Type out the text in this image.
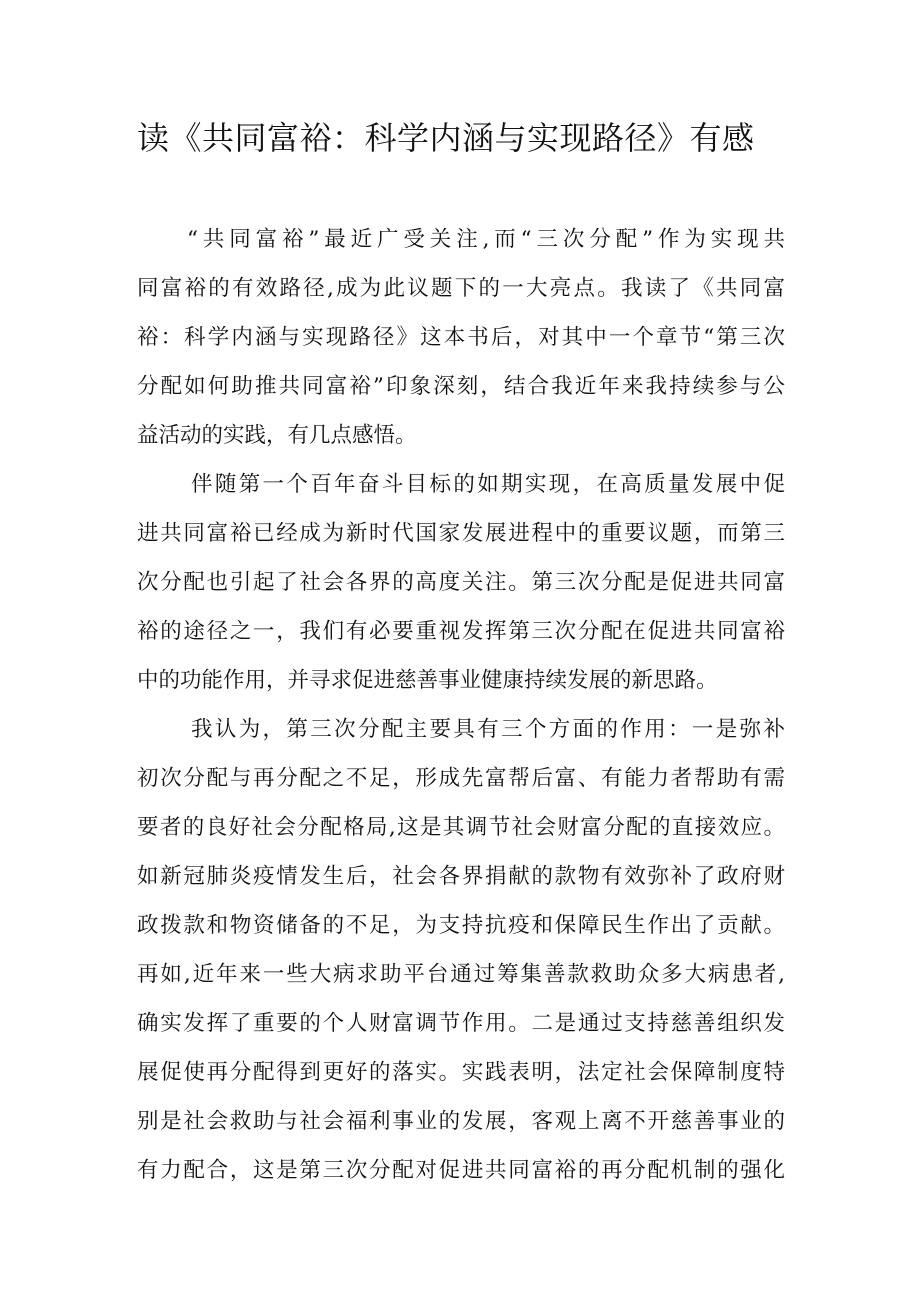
读《共同富裕：科学内涵与实现路径》有感
“共同富裕”最近广受关注,而“三次分配”作为实现共
同富裕的有效路径,成为此议题下的一大亮点。我读了《共同富
裕：科学内涵与实现路径》这本书后，对其中一个章节“第三次
分配如何助推共同富裕”印象深刻，结合我近年来我持续参与公
益活动的实践，有几点感悟。
伴随第一个百年奋斗目标的如期实现，在高质量发展中促
进共同富裕已经成为新时代国家发展进程中的重要议题，而第三
次分配也引起了社会各界的高度关注。第三次分配是促进共同富
裕的途径之一，我们有必要重视发挥第三次分配在促进共同富裕
中的功能作用，并寻求促进慈善事业健康持续发展的新思路。
我认为，第三次分配主要具有三个方面的作用：一是弥补
初次分配与再分配之不足，形成先富帮后富、有能力者帮助有需
要者的良好社会分配格局,这是其调节社会财富分配的直接效应。
如新冠肺炎疫情发生后，社会各界捐献的款物有效弥补了政府财
政拨款和物资储备的不足，为支持抗疫和保障民生作出了贡献。
再如,近年来一些大病求助平台通过筹集善款救助众多大病患者,
确实发挥了重要的个人财富调节作用。二是通过支持慈善组织发
展促使再分配得到更好的落实。实践表明，法定社会保障制度特
别是社会救助与社会福利事业的发展，客观上离不开慈善事业的
有力配合，这是第三次分配对促进共同富裕的再分配机制的强化
